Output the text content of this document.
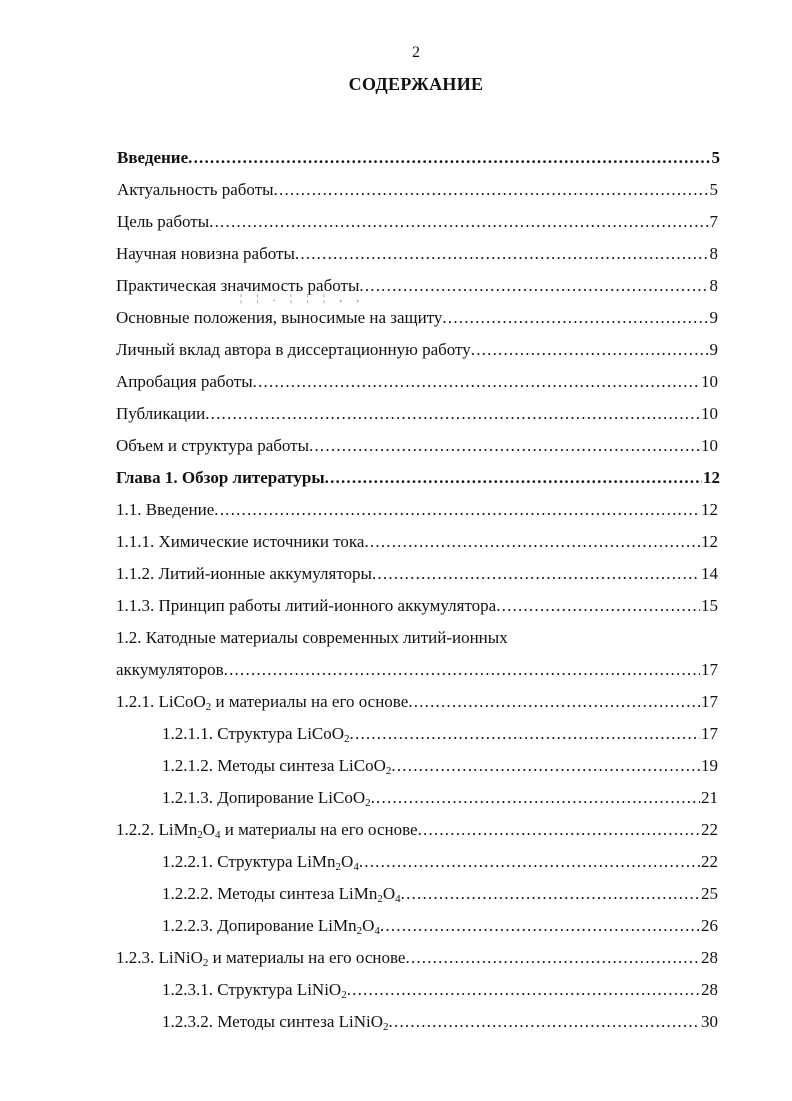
2
СОДЕРЖАНИЕ
Введение .....	5
Актуальность работы .....	5
Цель работы .....	7
Научная новизна работы .....	8
Практическая значимость работы .....	8
Основные положения, выносимые на защиту .....	9
Личный вклад автора в диссертационную работу .....	9
Апробация работы .....	10
Публикации .....	10
Объем и структура работы .....	10
Глава 1. Обзор литературы .....	12
1.1. Введение .....	12
1.1.1. Химические источники тока .....	12
1.1.2. Литий-ионные аккумуляторы .....	14
1.1.3. Принцип работы литий-ионного аккумулятора .....	15
1.2. Катодные материалы современных литий-ионных
аккумуляторов .....	17
1.2.1. LiCoO$_2$ и материалы на его основе .....	17
1.2.1.1. Структура LiCoO$_2$ .....	17
1.2.1.2. Методы синтеза LiCoO$_2$ .....	19
1.2.1.3. Допирование LiCoO$_2$ .....	21
1.2.2. $LiMn_2O_4$ и материалы на его основе .....	22
1.2.2.1. Структура $LiMn_2O_4$ .....	22
1.2.2.2. Методы синтеза $LiMn_2O_4$ .....	25
1.2.2.3. Допирование $LiMn_2O_4$ .....	26
1.2.3. LiNiO$_2$ и материалы на его основе .....	28
1.2.3.1. Структура LiNiO$_2$ .....	28
1.2.3.2. Методы синтеза LiNiO$_2$ .....	30
¦ ¦ . ¦ ¦ ¦ , ,
